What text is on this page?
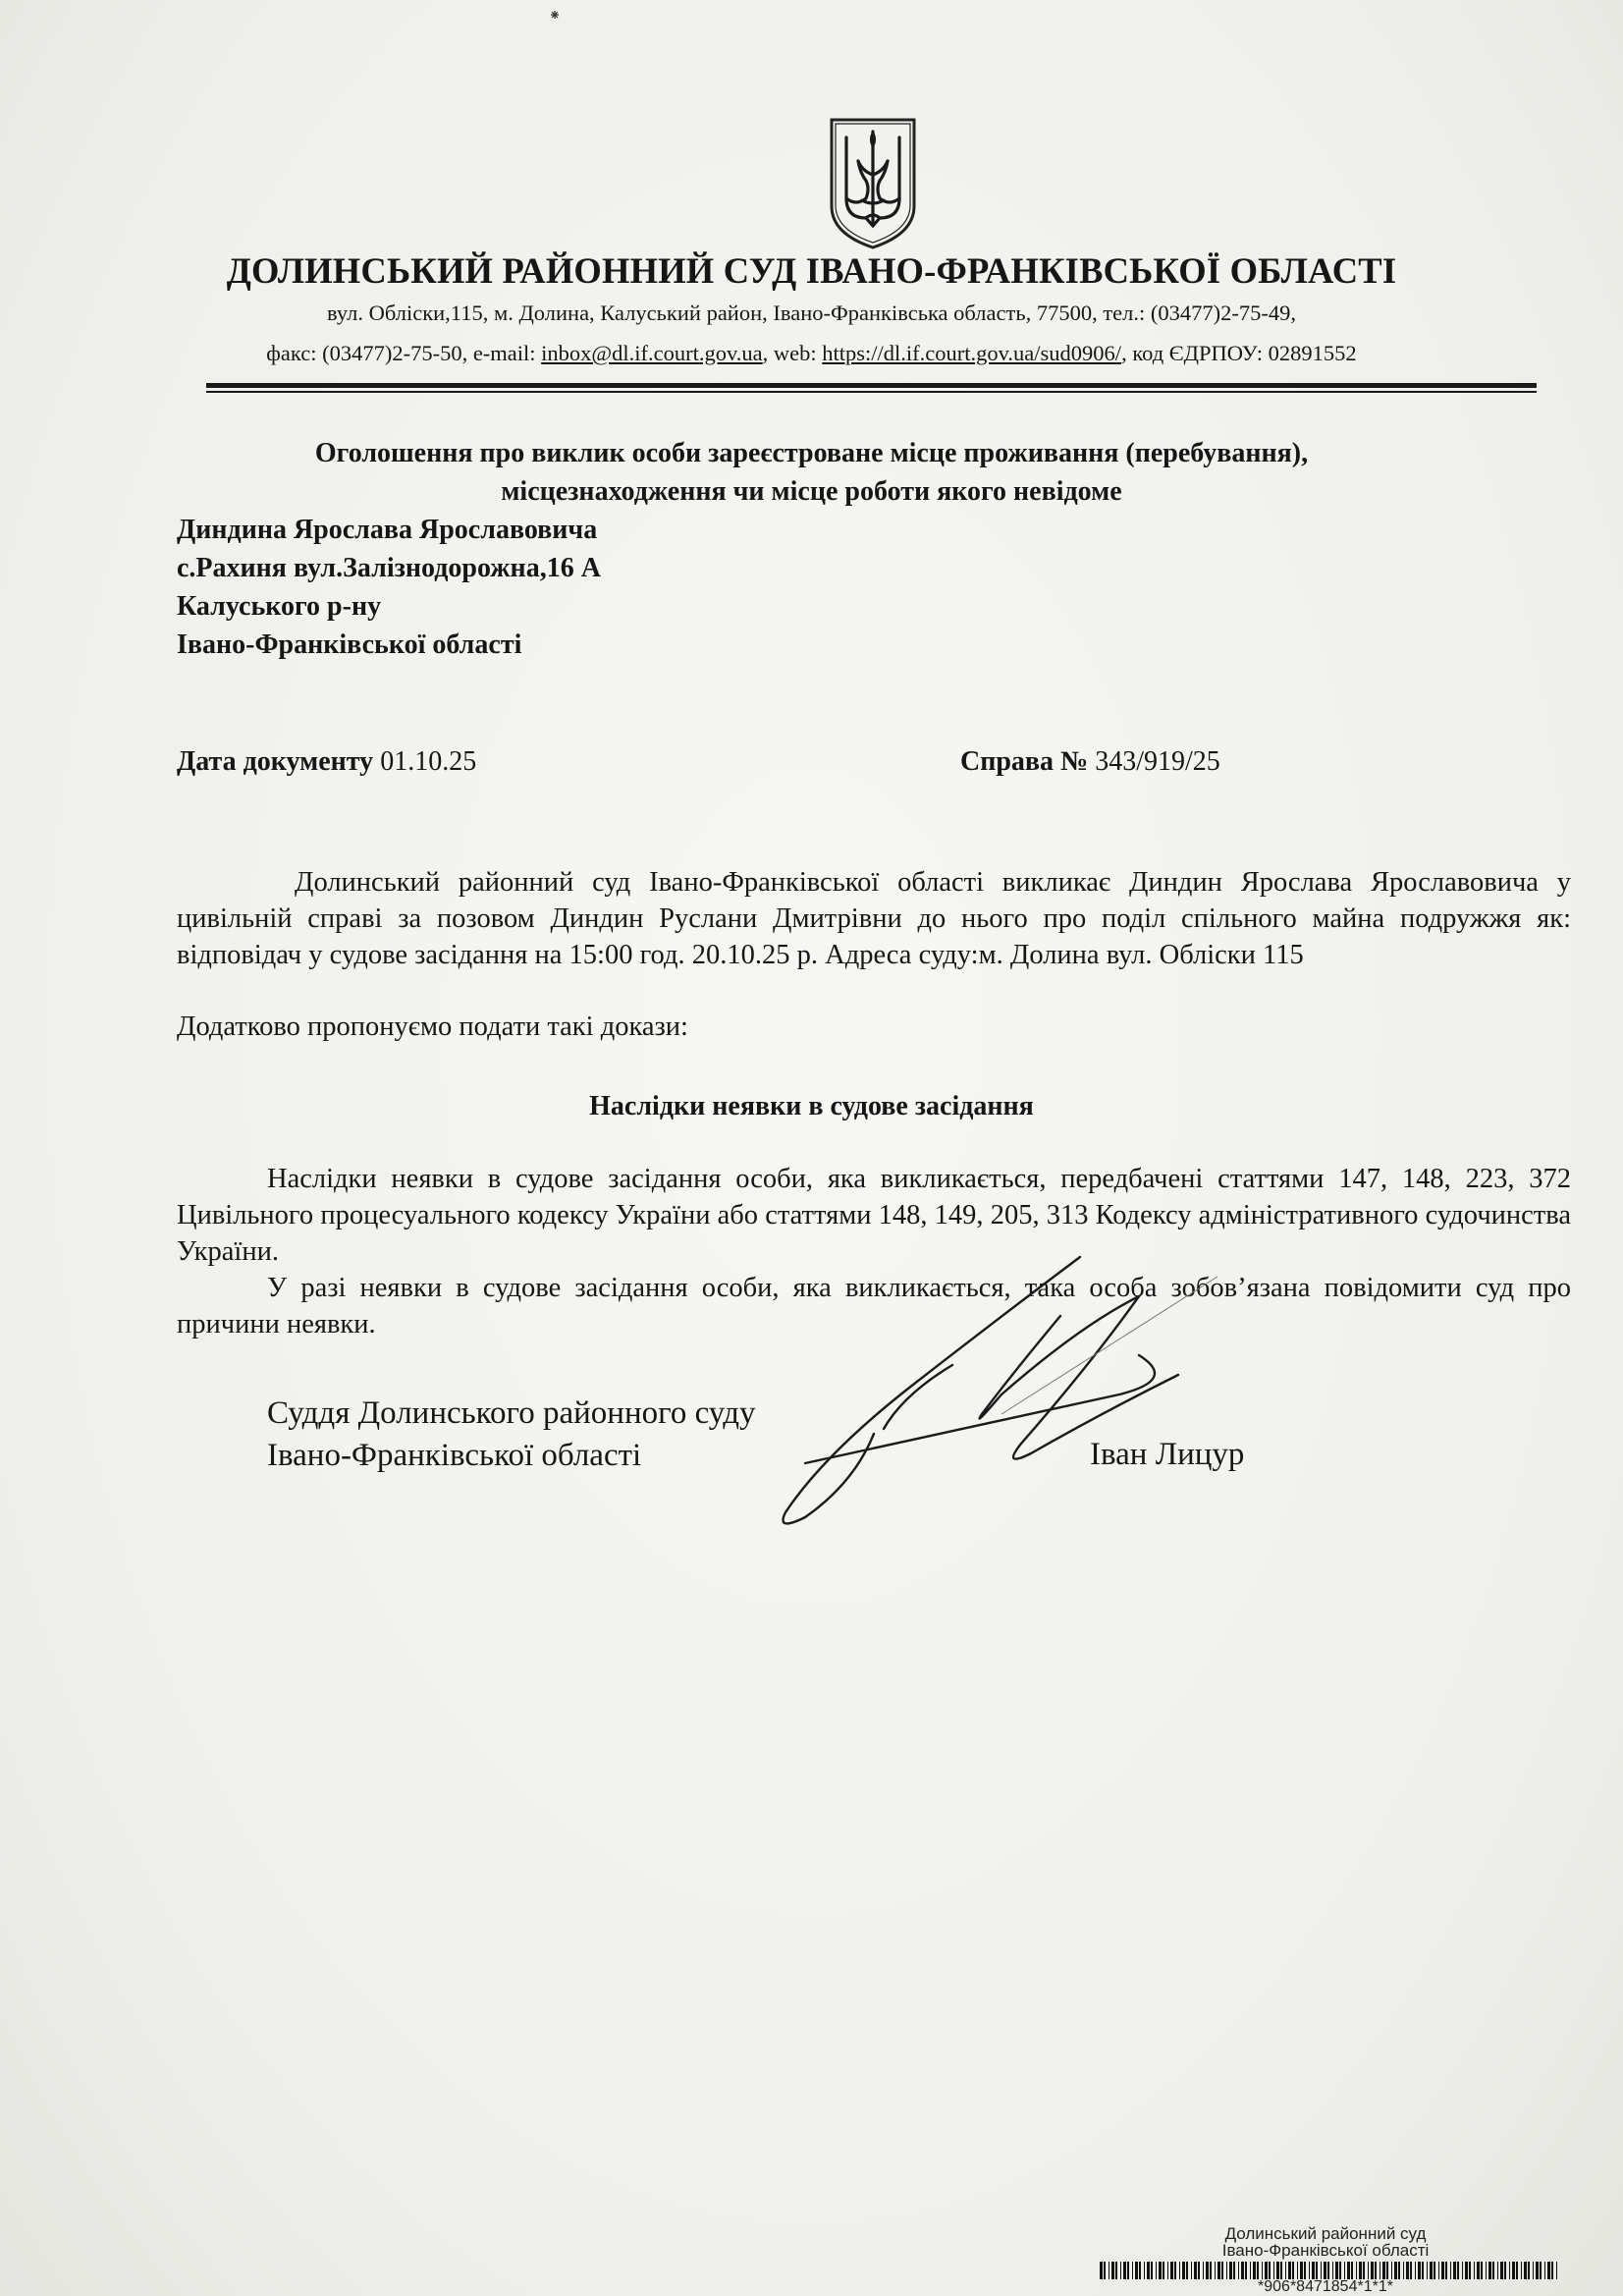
ДОЛИНСЬКИЙ РАЙОННИЙ СУД ІВАНО-ФРАНКІВСЬКОЇ ОБЛАСТІ
вул. Обліски,115, м. Долина, Калуський район, Івано-Франківська область, 77500, тел.: (03477)2-75-49,
факс: (03477)2-75-50, e-mail: inbox@dl.if.court.gov.ua, web: https://dl.if.court.gov.ua/sud0906/, код ЄДРПОУ: 02891552
Оголошення про виклик особи зареєстроване місце проживання (перебування),
місцезнаходження чи місце роботи якого невідоме
Диндина Ярослава Ярославовича
с.Рахиня вул.Залізнодорожна,16 А
Калуського р-ну
Івано-Франківської області
Дата документу 01.10.25	Справа № 343/919/25
Долинський районний суд Івано-Франківської області викликає Диндин Ярослава Ярославовича у цивільній справі за позовом Диндин Руслани Дмитрівни до нього про поділ спільного майна подружжя як: відповідач у судове засідання на 15:00 год. 20.10.25 р. Адреса суду:м. Долина вул. Обліски 115
Додатково пропонуємо подати такі докази:
Наслідки неявки в судове засідання
Наслідки неявки в судове засідання особи, яка викликається, передбачені статтями 147, 148, 223, 372 Цивільного процесуального кодексу України або статтями 148, 149, 205, 313 Кодексу адміністративного судочинства України.
У разі неявки в судове засідання особи, яка викликається, така особа зобов’язана повідомити суд про причини неявки.
Суддя Долинського районного суду
Івано-Франківської області	Іван Лицур
Долинський районний суд
Івано-Франківської області
*906*8471854*1*1*
